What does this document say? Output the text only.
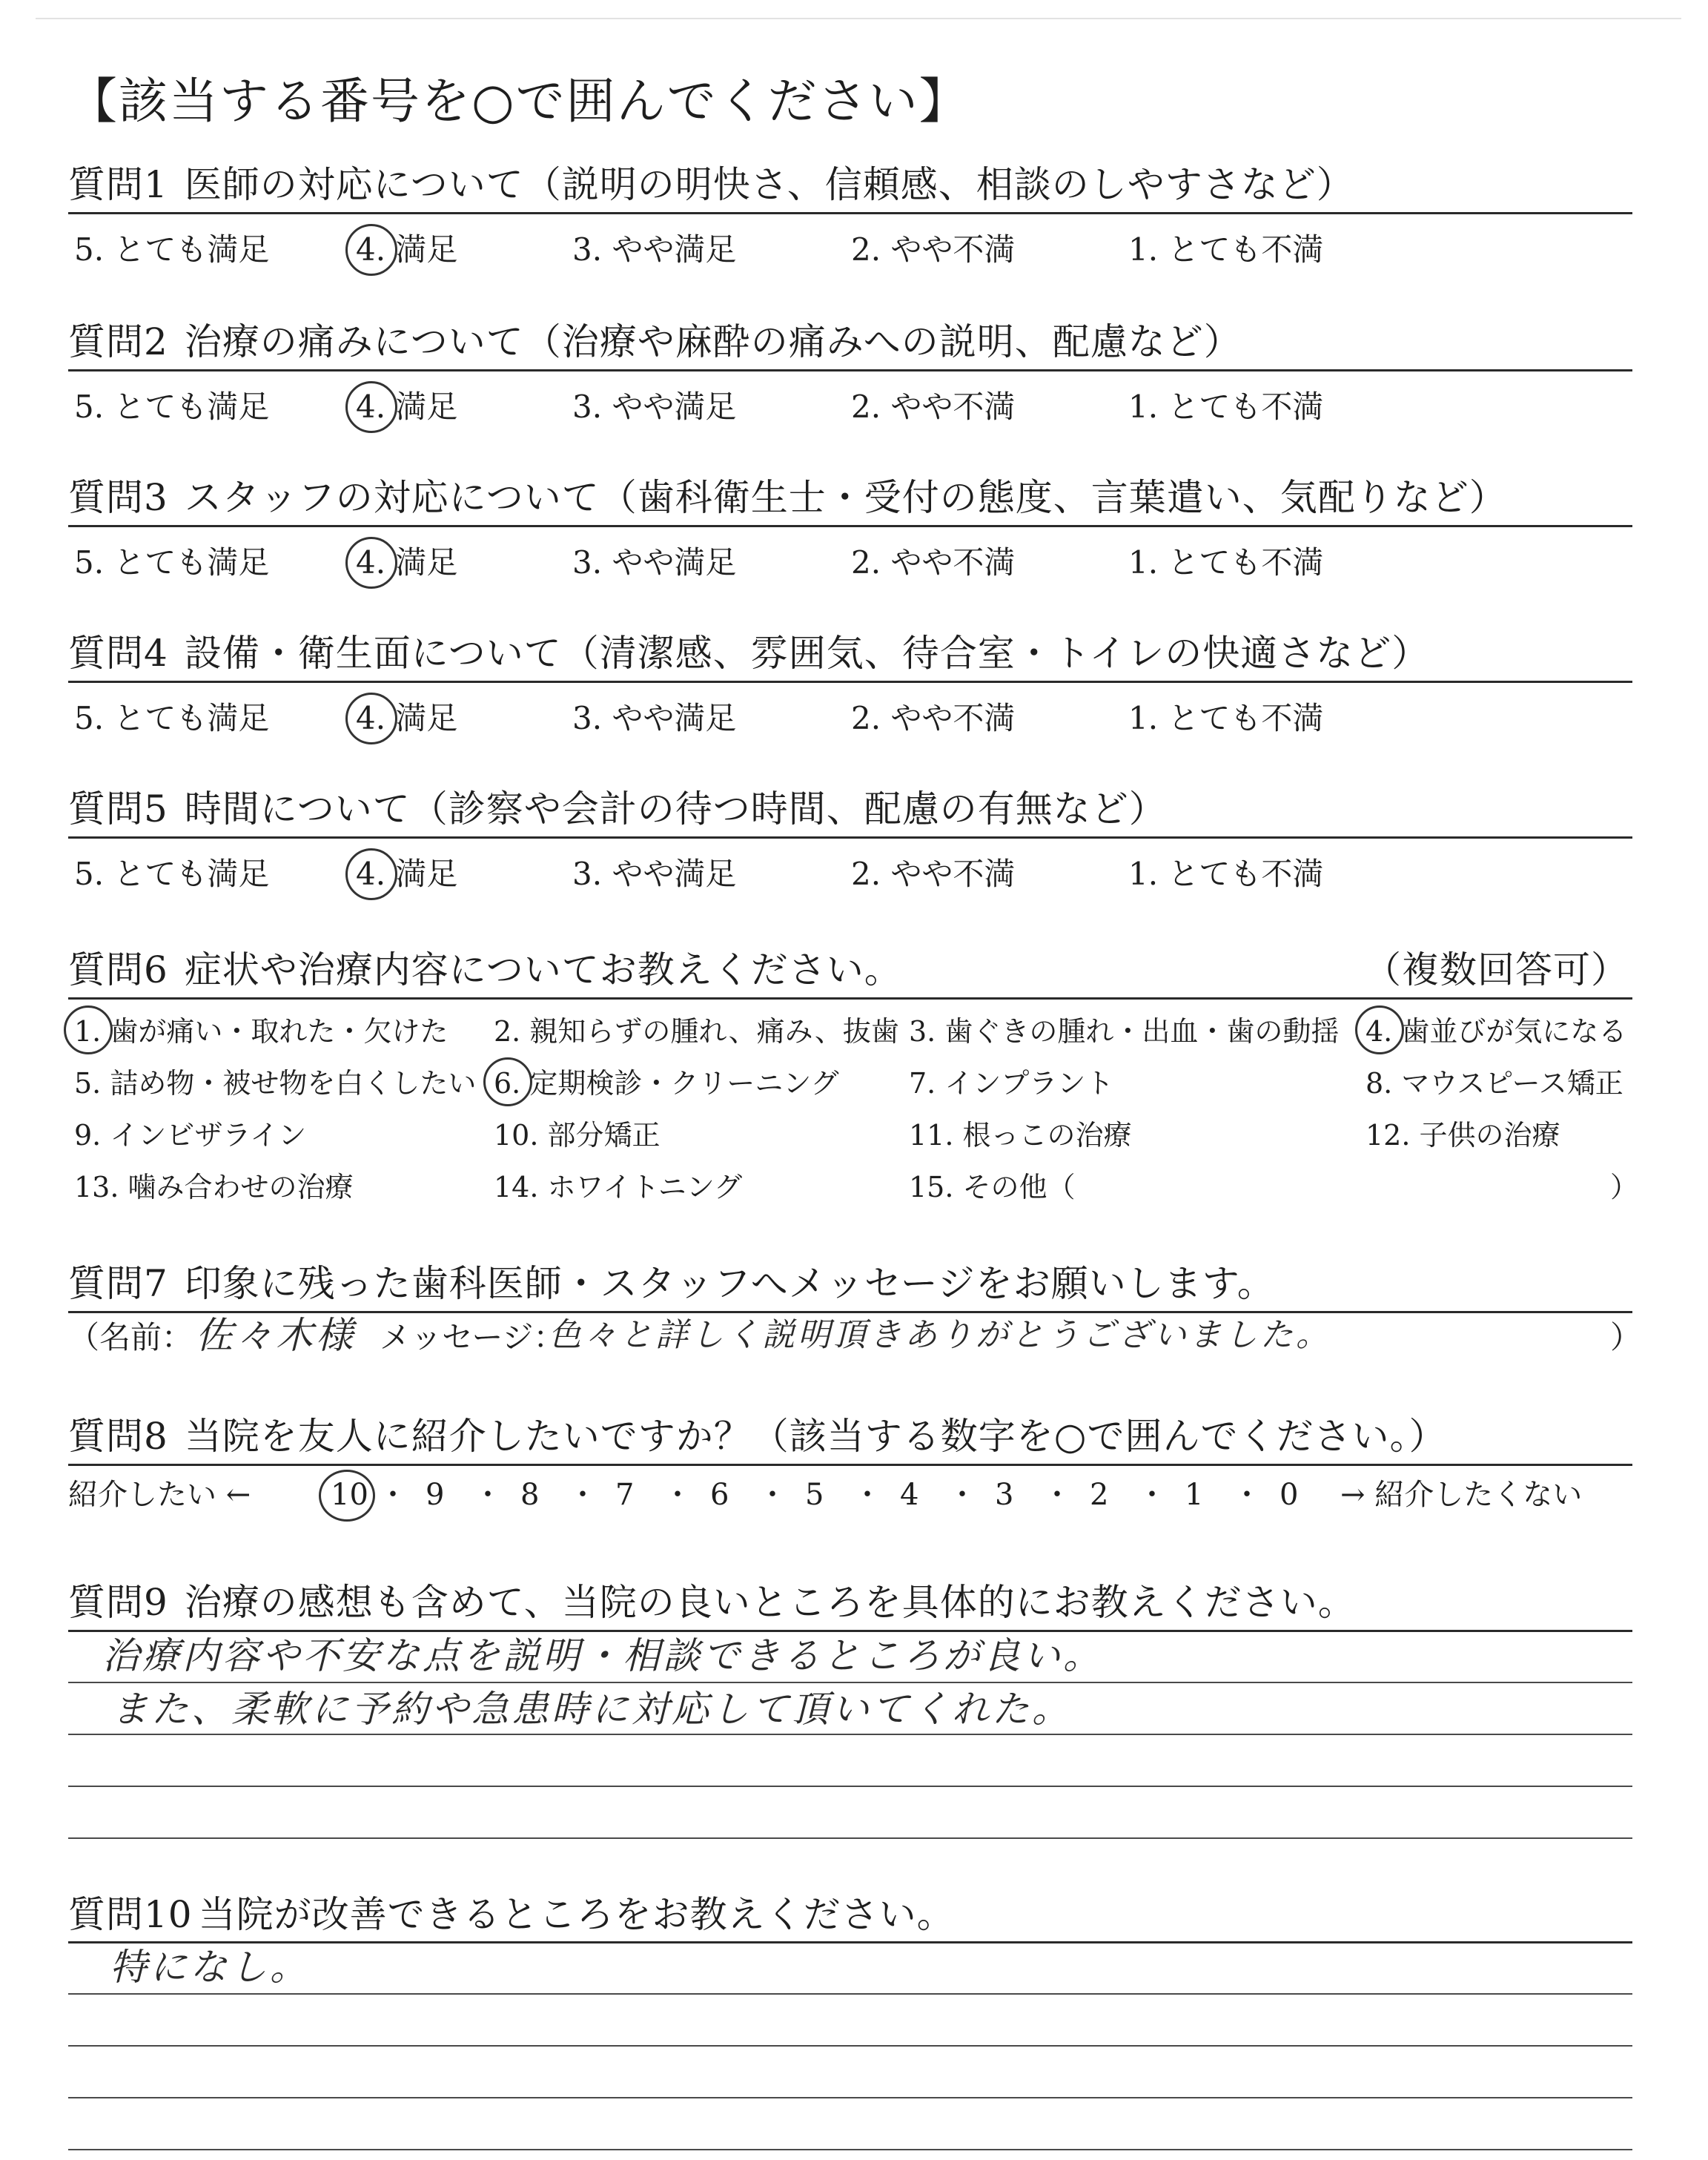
【該当する番号を○で囲んでください】
質問1 医師の対応について（説明の明快さ、信頼感、相談のしやすさなど）
5. とても満足	4. 満足	3. やや満足	2. やや不満	1. とても不満
質問2 治療の痛みについて（治療や麻酔の痛みへの説明、配慮など）
5. とても満足	4. 満足	3. やや満足	2. やや不満	1. とても不満
質問3 スタッフの対応について（歯科衛生士・受付の態度、言葉遣い、気配りなど）
5. とても満足	4. 満足	3. やや満足	2. やや不満	1. とても不満
質問4 設備・衛生面について（清潔感、雰囲気、待合室・トイレの快適さなど）
5. とても満足	4. 満足	3. やや満足	2. やや不満	1. とても不満
質問5 時間について（診察や会計の待つ時間、配慮の有無など）
5. とても満足	4. 満足	3. やや満足	2. やや不満	1. とても不満
質問6 症状や治療内容についてお教えください。	（複数回答可）
1. 歯が痛い・取れた・欠けた 2. 親知らずの腫れ、痛み、抜歯 3. 歯ぐきの腫れ・出血・歯の動揺 4. 歯並びが気になる
5. 詰め物・被せ物を白くしたい 6. 定期検診・クリーニング 7. インプラント	8. マウスピース矯正
9. インビザライン	10. 部分矯正	11. 根っこの治療	12. 子供の治療
13. 噛み合わせの治療	14. ホワイトニング	15. その他（	）
質問7 印象に残った歯科医師・スタッフへメッセージをお願いします。
（名前： 佐々木様 メッセージ：
色々と詳しく説明頂きありがとうございました。	）
質問8 当院を友人に紹介したいですか？（該当する数字を○で囲んでください。）
紹介したい ←	10 ・ 9 ・ 8 ・ 7 ・ 6 ・ 5 ・ 4 ・ 3 ・ 2 ・ 1 ・ 0 → 紹介したくない
質問9 治療の感想も含めて、当院の良いところを具体的にお教えください。
治療内容や不安な点を説明・相談できるところが良い。
また、柔軟に予約や急患時に対応して頂いてくれた。
質問10 当院が改善できるところをお教えください。
特になし。
